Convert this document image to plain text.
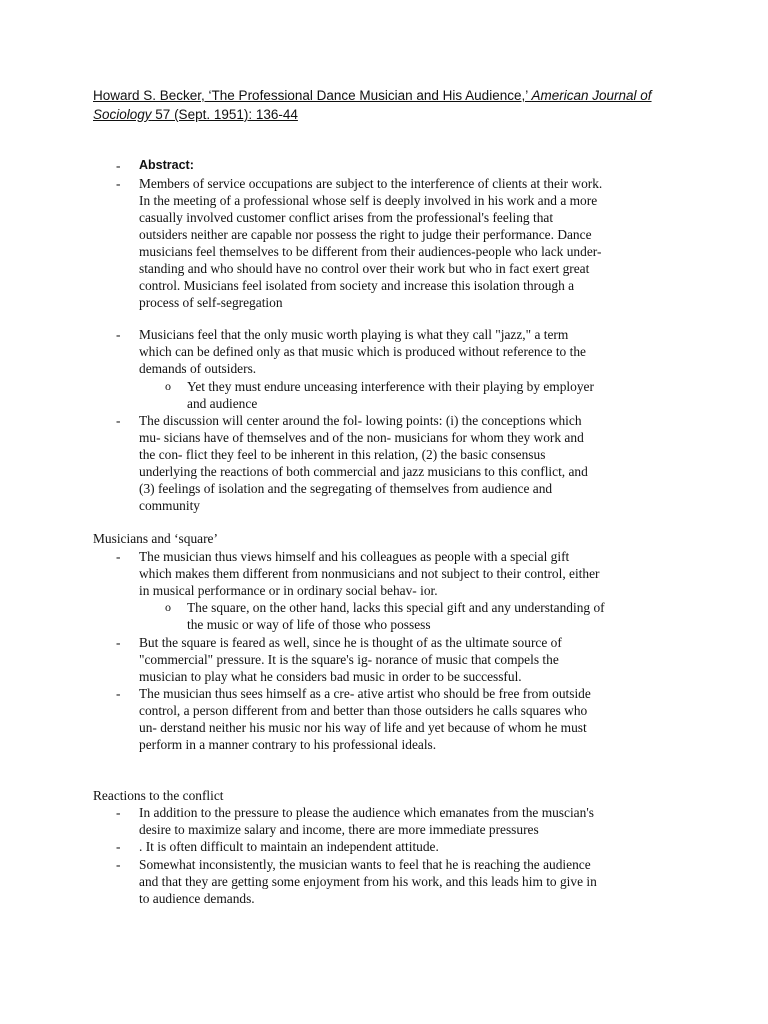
Howard S. Becker, ‘The Professional Dance Musician and His Audience,’ American Journal of
Sociology 57 (Sept. 1951): 136-44
-	Abstract:
-	Members of service occupations are subject to the interference of clients at their work.
In the meeting of a professional whose self is deeply involved in his work and a more
casually involved customer conflict arises from the professional's feeling that
outsiders neither are capable nor possess the right to judge their performance. Dance
musicians feel themselves to be different from their audiences-people who lack under-
standing and who should have no control over their work but who in fact exert great
control. Musicians feel isolated from society and increase this isolation through a
process of self-segregation
-	Musicians feel that the only music worth playing is what they call "jazz," a term
which can be defined only as that music which is produced without reference to the
demands of outsiders.
o Yet they must endure unceasing interference with their playing by employer
and audience
-	The discussion will center around the fol- lowing points: (i) the conceptions which
mu- sicians have of themselves and of the non- musicians for whom they work and
the con- flict they feel to be inherent in this relation, (2) the basic consensus
underlying the reactions of both commercial and jazz musicians to this conflict, and
(3) feelings of isolation and the segregating of themselves from audience and
community
Musicians and ‘square’
-	The musician thus views himself and his colleagues as people with a special gift
which makes them different from nonmusicians and not subject to their control, either
in musical performance or in ordinary social behav- ior.
o The square, on the other hand, lacks this special gift and any understanding of
the music or way of life of those who possess
-	But the square is feared as well, since he is thought of as the ultimate source of
"commercial" pressure. It is the square's ig- norance of music that compels the
musician to play what he considers bad music in order to be successful.
-	The musician thus sees himself as a cre- ative artist who should be free from outside
control, a person different from and better than those outsiders he calls squares who
un- derstand neither his music nor his way of life and yet because of whom he must
perform in a manner contrary to his professional ideals.
Reactions to the conflict
-	In addition to the pressure to please the audience which emanates from the muscian's
desire to maximize salary and income, there are more immediate pressures
-	. It is often difficult to maintain an independent attitude.
-	Somewhat inconsistently, the musician wants to feel that he is reaching the audience
and that they are getting some enjoyment from his work, and this leads him to give in
to audience demands.
